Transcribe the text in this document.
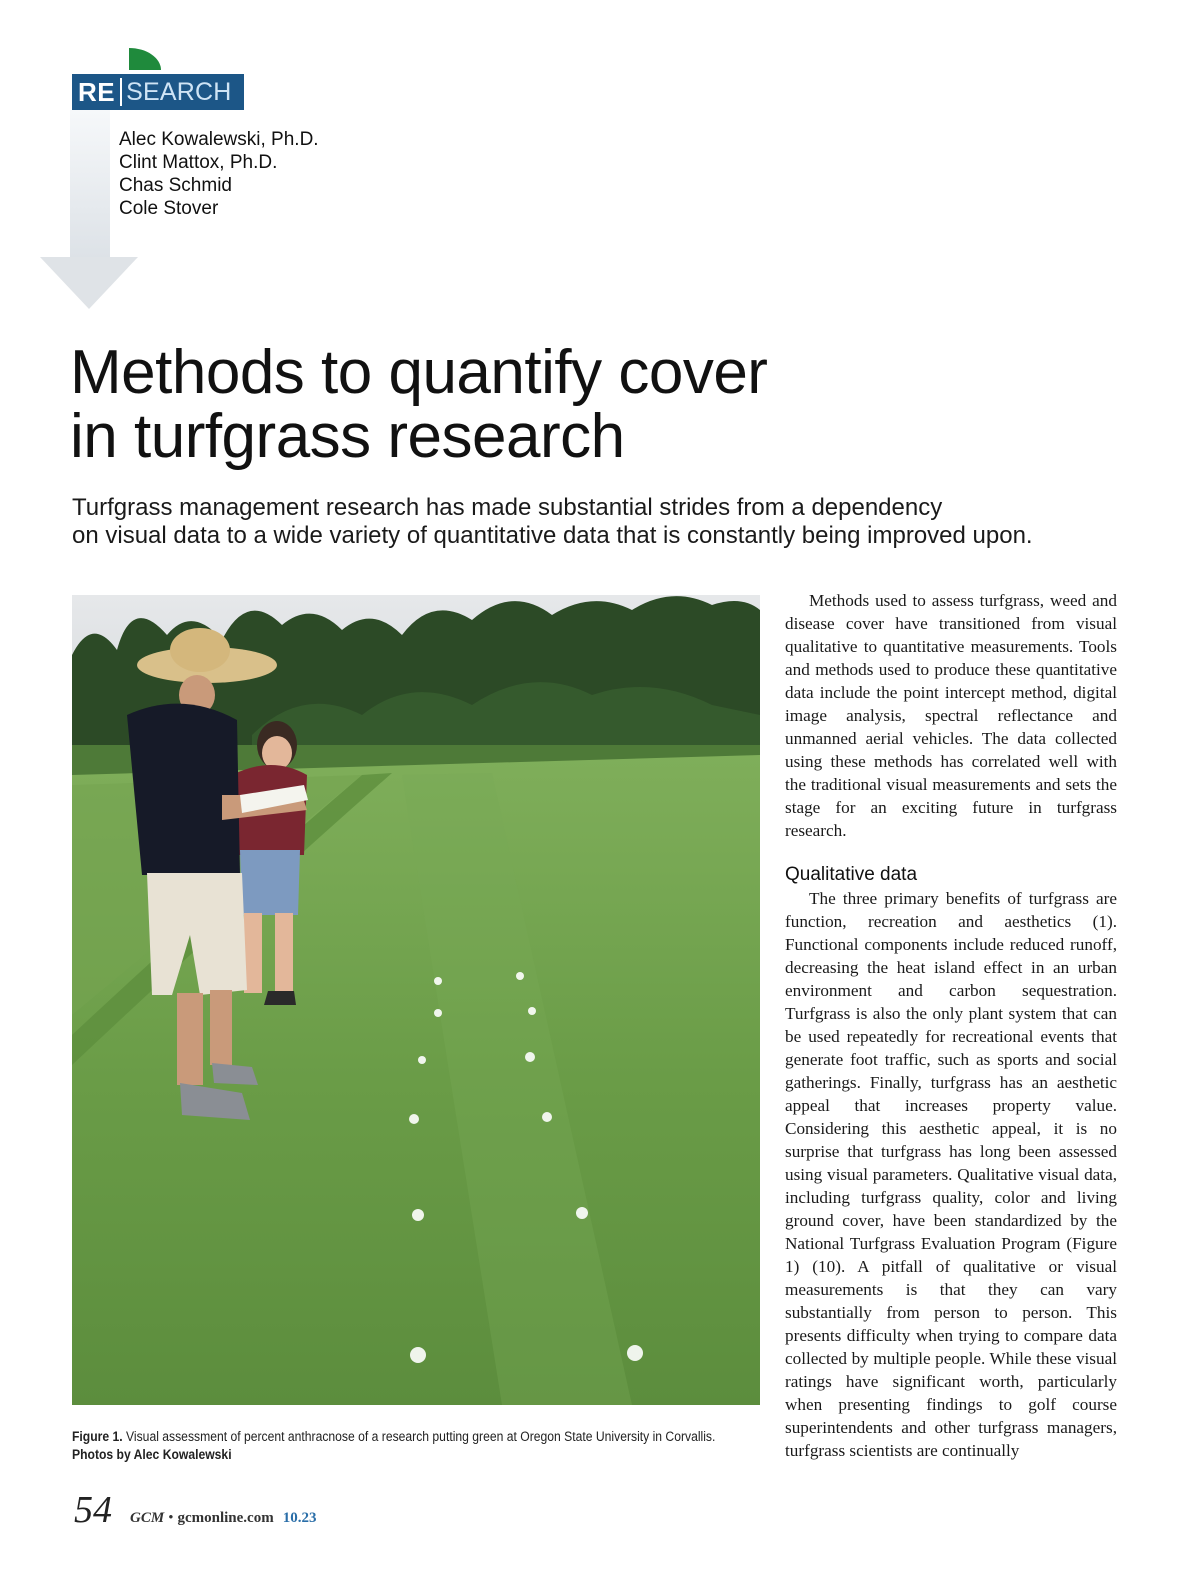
RE SEARCH
Alec Kowalewski, Ph.D.
Clint Mattox, Ph.D.
Chas Schmid
Cole Stover
Methods to quantify cover
in turfgrass research
Turfgrass management research has made substantial strides from a dependency
on visual data to a wide variety of quantitative data that is constantly being improved upon.
Figure 1. Visual assessment of percent anthracnose of a research putting green at Oregon State University in Corvallis.
Photos by Alec Kowalewski

Methods used to assess turfgrass, weed and disease cover have transitioned from visual qualitative to quantitative measurements. Tools and methods used to produce these quantitative data include the point intercept method, digital image analysis, spectral reflectance and unmanned aerial vehicles. The data collected using these methods has correlated well with the traditional visual measurements and sets the stage for an exciting future in turfgrass research.

Qualitative data

The three primary benefits of turfgrass are function, recreation and aesthetics (1). Functional components include reduced runoff, decreasing the heat island effect in an urban environment and carbon sequestration. Turfgrass is also the only plant system that can be used repeatedly for recreational events that generate foot traffic, such as sports and social gatherings. Finally, turfgrass has an aesthetic appeal that increases property value. Considering this aesthetic appeal, it is no surprise that turfgrass has long been assessed using visual parameters. Qualitative visual data, including turfgrass quality, color and living ground cover, have been standardized by the National Turfgrass Evaluation Program (Figure 1) (10). A pitfall of qualitative or visual measurements is that they can vary substantially from person to person. This presents difficulty when trying to compare data collected by multiple people. While these visual ratings have significant worth, particularly when presenting findings to golf course superintendents and other turfgrass managers, turfgrass scientists are continually

54 GCM • gcmonline.com 10.23
